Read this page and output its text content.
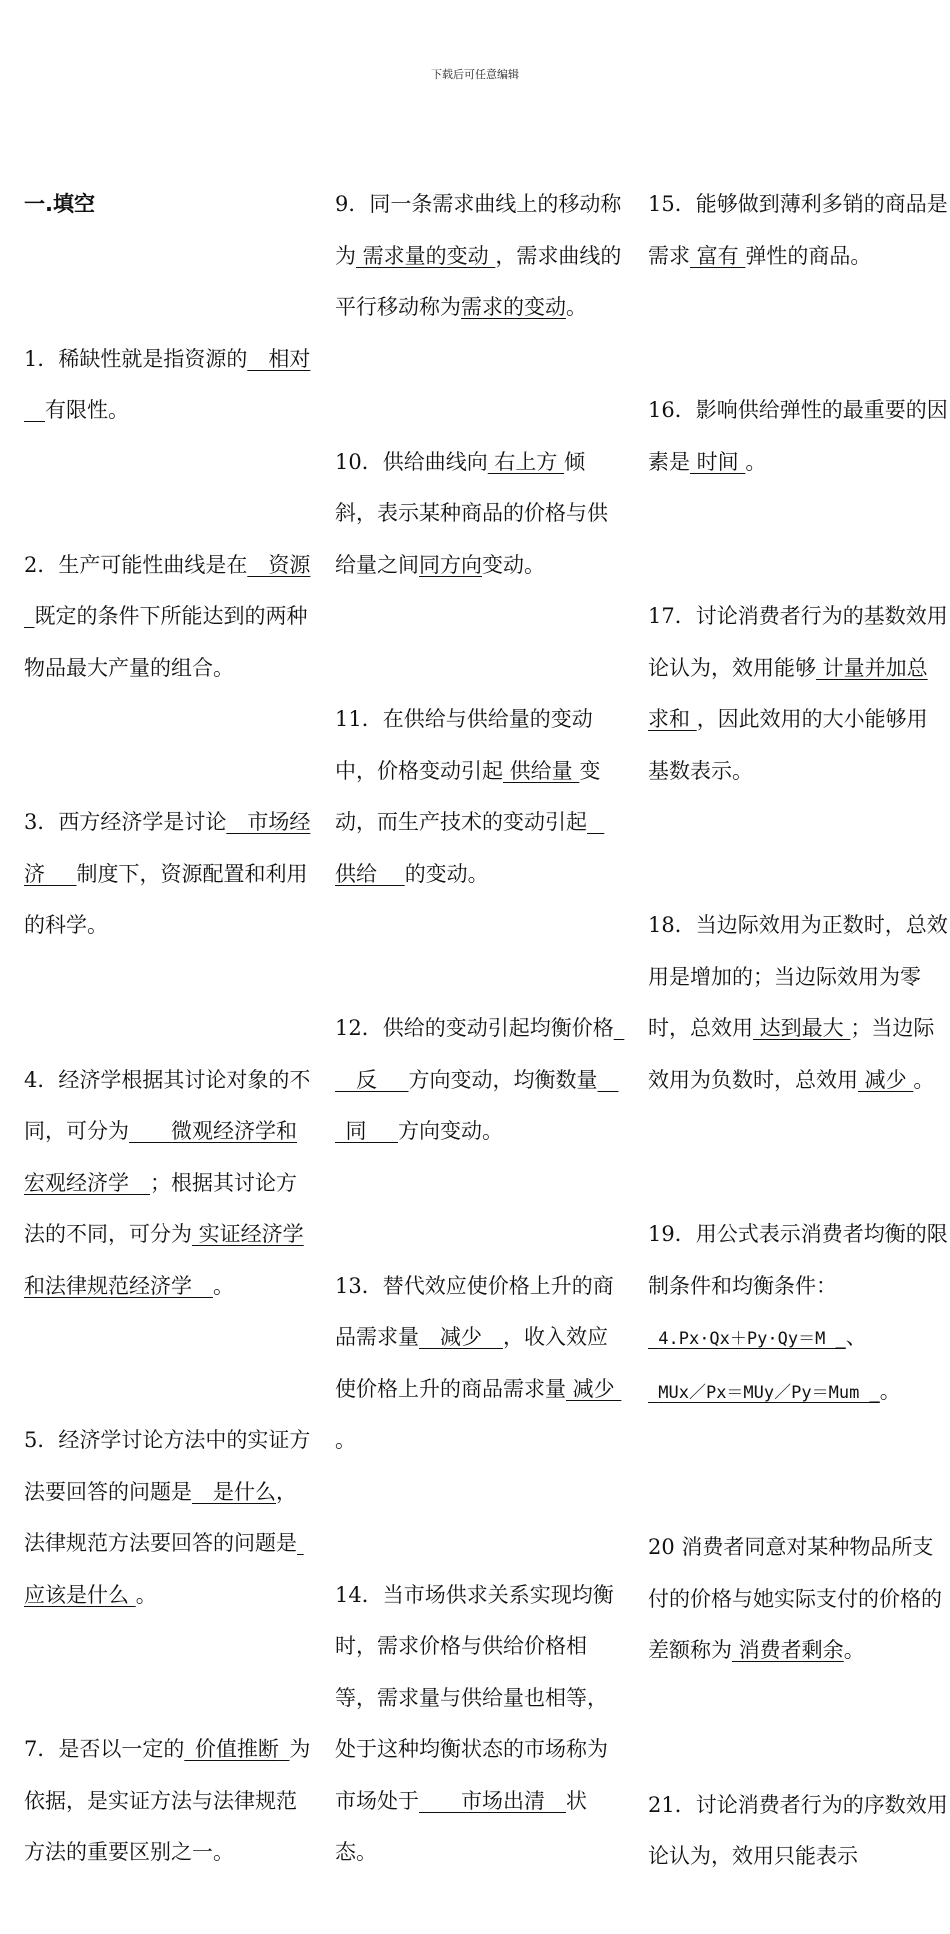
下载后可任意编辑

一.填空

1．稀缺性就是指资源的__相对__有限性。

2．生产可能性曲线是在__资源_既定的条件下所能达到的两种物品最大产量的组合。

3．西方经济学是讨论__市场经济___制度下，资源配置和利用的科学。

4．经济学根据其讨论对象的不同，可分为____微观经济学和宏观经济学__；根据其讨论方法的不同，可分为 实证经济学和法律规范经济学__。

5．经济学讨论方法中的实证方法要回答的问题是__是什么，法律规范方法要回答的问题是 应该是什么 。

7．是否以一定的_价值推断_为依据，是实证方法与法律规范方法的重要区别之一。

9．同一条需求曲线上的移动称为 需求量的变动 ，需求曲线的平行移动称为需求的变动。

10．供给曲线向 右上方 倾斜，表示某种商品的价格与供给量之间同方向变动。

11．在供给与供给量的变动中，价格变动引起 供给量 变动，而生产技术的变动引起 _供给__ 的变动。

12．供给的变动引起均衡价格___反___方向变动，均衡数量___同___方向变动。

13．替代效应使价格上升的商品需求量__减少__，收入效应使价格上升的商品需求量 减少 。

14．当市场供求关系实现均衡时，需求价格与供给价格相等，需求量与供给量也相等，处于这种均衡状态的市场称为市场处于____市场出清__状态。

15．能够做到薄利多销的商品是需求 富有 弹性的商品。

16．影响供给弹性的最重要的因素是 时间 。

17．讨论消费者行为的基数效用论认为，效用能够 计量并加总求和 ，因此效用的大小能够用基数表示。

18．当边际效用为正数时，总效用是增加的；当边际效用为零时，总效用 达到最大 ；当边际效用为负数时，总效用 减少 。

19．用公式表示消费者均衡的限制条件和均衡条件：
4.Px·Qx＋Py·Qy＝M _、
MUx／Px＝MUy／Py＝Mum _。

20 消费者同意对某种物品所支付的价格与她实际支付的价格的差额称为 消费者剩余。

21．讨论消费者行为的序数效用论认为，效用只能表示
